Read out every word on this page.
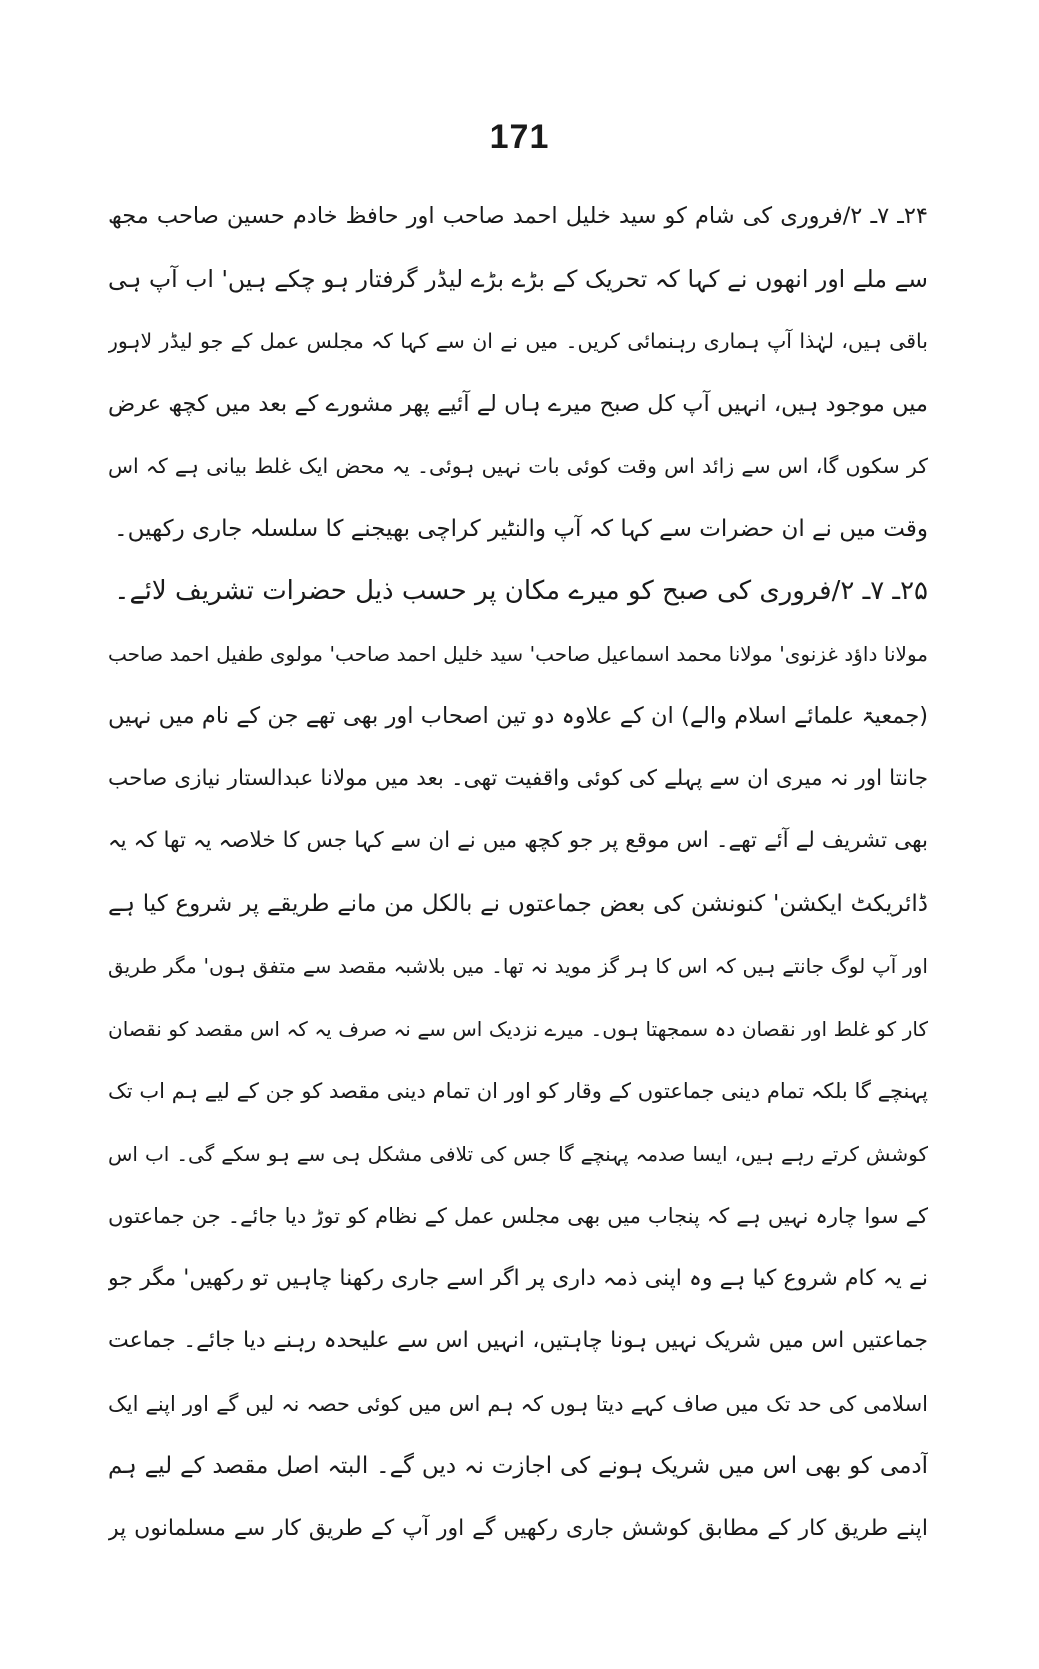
171
۲۴ـ ۷ـ ۲/فروری کی شام کو سید خلیل احمد صاحب اور حافظ خادم حسین صاحب مجھ
سے ملے اور انھوں نے کہا کہ تحریک کے بڑے بڑے لیڈر گرفتار ہو چکے ہیں' اب آپ ہی
باقی ہیں، لہٰذا آپ ہماری رہنمائی کریں۔ میں نے ان سے کہا کہ مجلس عمل کے جو لیڈر لاہور
میں موجود ہیں، انہیں آپ کل صبح میرے ہاں لے آئیے پھر مشورے کے بعد میں کچھ عرض
کر سکوں گا، اس سے زائد اس وقت کوئی بات نہیں ہوئی۔ یہ محض ایک غلط بیانی ہے کہ اس
وقت میں نے ان حضرات سے کہا کہ آپ والنٹیر کراچی بھیجنے کا سلسلہ جاری رکھیں۔
۲۵ـ ۷ـ ۲/فروری کی صبح کو میرے مکان پر حسب ذیل حضرات تشریف لائے۔
مولانا داؤد غزنوی' مولانا محمد اسماعیل صاحب' سید خلیل احمد صاحب' مولوی طفیل احمد صاحب
(جمعیۃ علمائے اسلام والے) ان کے علاوہ دو تین اصحاب اور بھی تھے جن کے نام میں نہیں
جانتا اور نہ میری ان سے پہلے کی کوئی واقفیت تھی۔ بعد میں مولانا عبدالستار نیازی صاحب
بھی تشریف لے آئے تھے۔ اس موقع پر جو کچھ میں نے ان سے کہا جس کا خلاصہ یہ تھا کہ یہ
ڈائریکٹ ایکشن' کنونشن کی بعض جماعتوں نے بالکل من مانے طریقے پر شروع کیا ہے
اور آپ لوگ جانتے ہیں کہ اس کا ہر گز موید نہ تھا۔ میں بلاشبہ مقصد سے متفق ہوں' مگر طریق
کار کو غلط اور نقصان دہ سمجھتا ہوں۔ میرے نزدیک اس سے نہ صرف یہ کہ اس مقصد کو نقصان
پہنچے گا بلکہ تمام دینی جماعتوں کے وقار کو اور ان تمام دینی مقصد کو جن کے لیے ہم اب تک
کوشش کرتے رہے ہیں، ایسا صدمہ پہنچے گا جس کی تلافی مشکل ہی سے ہو سکے گی۔ اب اس
کے سوا چارہ نہیں ہے کہ پنجاب میں بھی مجلس عمل کے نظام کو توڑ دیا جائے۔ جن جماعتوں
نے یہ کام شروع کیا ہے وہ اپنی ذمہ داری پر اگر اسے جاری رکھنا چاہیں تو رکھیں' مگر جو
جماعتیں اس میں شریک نہیں ہونا چاہتیں، انہیں اس سے علیحدہ رہنے دیا جائے۔ جماعت
اسلامی کی حد تک میں صاف کہے دیتا ہوں کہ ہم اس میں کوئی حصہ نہ لیں گے اور اپنے ایک
آدمی کو بھی اس میں شریک ہونے کی اجازت نہ دیں گے۔ البتہ اصل مقصد کے لیے ہم
اپنے طریق کار کے مطابق کوشش جاری رکھیں گے اور آپ کے طریق کار سے مسلمانوں پر
